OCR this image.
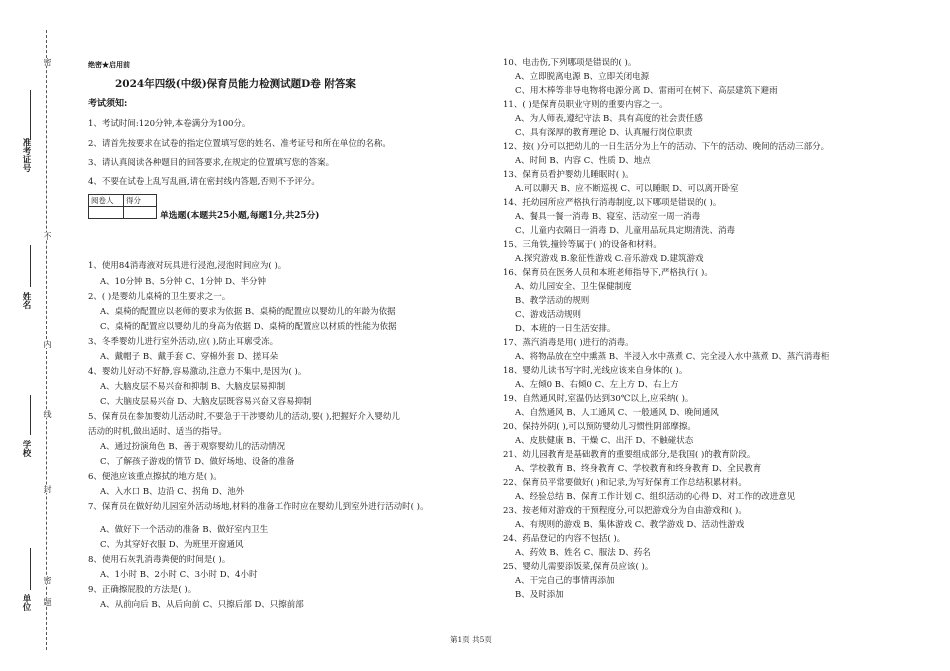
密
不
内
线
封
密
题
准考证号
姓名
学校
单位
绝密★启用前
2024年四级(中级)保育员能力检测试题D卷 附答案
考试须知:
1、考试时间:120分钟,本卷满分为100分。
2、请首先按要求在试卷的指定位置填写您的姓名、准考证号和所在单位的名称。
3、请认真阅读各种题目的回答要求,在规定的位置填写您的答案。
4、不要在试卷上乱写乱画,请在密封线内答题,否则不予评分。
阅卷人	得分

单选题(本题共25小题,每题1分,共25分)
1、使用84消毒液对玩具进行浸泡,浸泡时间应为( )。
A、10分钟 B、5分钟 C、1分钟 D、半分钟
2、( )是婴幼儿桌椅的卫生要求之一。
A、桌椅的配置应以老师的要求为依据 B、桌椅的配置应以婴幼儿的年龄为依据
C、桌椅的配置应以婴幼儿的身高为依据 D、桌椅的配置应以材质的性能为依据
3、冬季婴幼儿进行室外活动,应( ),防止耳廓受冻。
A、戴帽子 B、戴手套 C、穿棉外套 D、搓耳朵
4、婴幼儿好动不好静,容易激动,注意力不集中,是因为( )。
A、大脑皮层不易兴奋和抑制 B、大脑皮层易抑制
C、大脑皮层易兴奋 D、大脑皮层既容易兴奋又容易抑制
5、保育员在参加婴幼儿活动时,不要急于干涉婴幼儿的活动,要( ),把握好介入婴幼儿
活动的时机,做出适时、适当的指导。
A、通过扮演角色 B、善于观察婴幼儿的活动情况
C、了解孩子游戏的情节 D、做好场地、设备的准备
6、便池应该重点擦拭的地方是( )。
A、入水口 B、边沿 C、拐角 D、池外
7、保育员在做好幼儿园室外活动场地,材料的准备工作时应在婴幼儿到室外进行活动时( )。
A、做好下一个活动的准备 B、做好室内卫生
C、为其穿好衣服 D、为班里开窗通风
8、使用石灰乳消毒粪便的时间是( )。
A、1小时 B、2小时 C、3小时 D、4小时
9、正确擦屁股的方法是( )。
A、从前向后 B、从后向前 C、只擦后部 D、只擦前部
10、电击伤,下列哪项是错误的( )。
A、立即脱离电源 B、立即关闭电源
C、用木棒等非导电物将电源分离 D、雷雨可在树下、高层建筑下避雨
11、( )是保育员职业守则的重要内容之一。
A、为人师表,遵纪守法 B、具有高度的社会责任感
C、具有深厚的教育理论 D、认真履行岗位职责
12、按( )分可以把幼儿的一日生活分为上午的活动、下午的活动、晚间的活动三部分。
A、时间 B、内容 C、性质 D、地点
13、保育员看护婴幼儿睡眠时( )。
A.可以聊天 B、应不断巡视 C、可以睡眠 D、可以离开卧室
14、托幼园所应严格执行消毒制度,以下哪项是错误的( )。
A、餐具一餐一消毒 B、寝室、活动室一周一消毒
C、儿童内衣隔日一消毒 D、儿童用品玩具定期清洗、消毒
15、三角铁,撞铃等属于( )的设备和材料。
A.探究游戏 B.象征性游戏 C.音乐游戏 D.建筑游戏
16、保育员在医务人员和本班老师指导下,严格执行( )。
A、幼儿园安全、卫生保健制度
B、教学活动的规则
C、游戏活动规则
D、本班的一日生活安排。
17、蒸汽消毒是用( )进行的消毒。
A、将物品放在空中熏蒸 B、半浸入水中蒸煮 C、完全浸入水中蒸煮 D、蒸汽消毒柜
18、婴幼儿读书写字时,光线应该来自身体的( )。
A、左倾0 B、右倾0 C、左上方 D、右上方
19、自然通风时,室温仍达到30℃以上,应采纳( )。
A、自然通风 B、人工通风 C、一般通风 D、晚间通风
20、保持外阴( ),可以预防婴幼儿习惯性阴部摩擦。
A、皮肤健康 B、干燥 C、出汗 D、不触碰状态
21、幼儿园教育是基础教育的重要组成部分,是我国( )的教育阶段。
A、学校教育 B、终身教育 C、学校教育和终身教育 D、全民教育
22、保育员平常要做好( )和记录,为写好保育工作总结积累材料。
A、经验总结 B、保育工作计划 C、组织活动的心得 D、对工作的改进意见
23、按老师对游戏的干预程度分,可以把游戏分为自由游戏和( )。
A、有规则的游戏 B、集体游戏 C、教学游戏 D、活动性游戏
24、药品登记的内容不包括( )。
A、药效 B、姓名 C、服法 D、药名
25、婴幼儿需要添饭菜,保育员应该( )。
A、干完自己的事情再添加
B、及时添加
第1页 共5页
